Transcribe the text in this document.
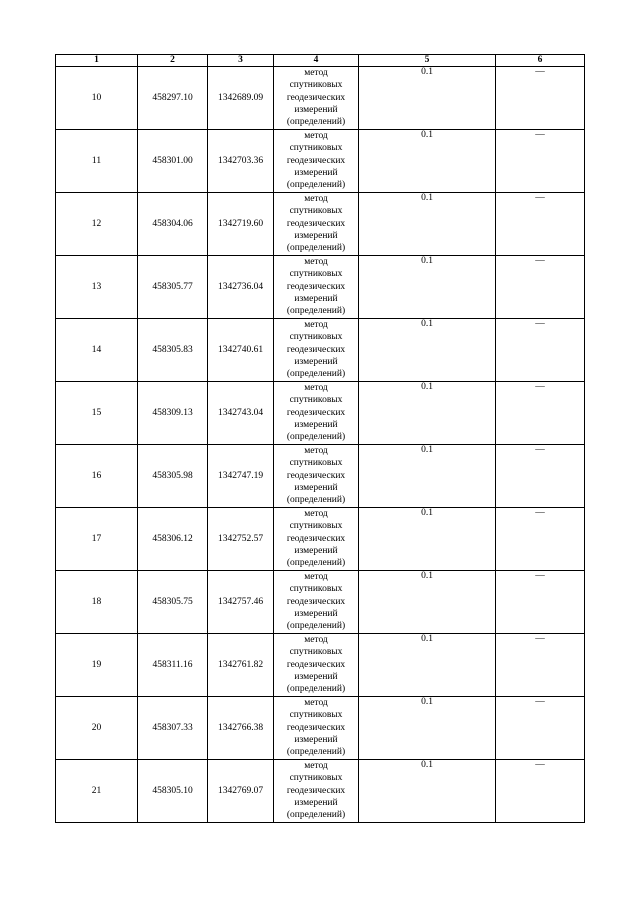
1	2	3	4	5	6
10	458297.10	1342689.09	метод
спутниковых
геодезических
измерений
(определений)	0.1	—
11	458301.00	1342703.36	метод
спутниковых
геодезических
измерений
(определений)	0.1	—
12	458304.06	1342719.60	метод
спутниковых
геодезических
измерений
(определений)	0.1	—
13	458305.77	1342736.04	метод
спутниковых
геодезических
измерений
(определений)	0.1	—
14	458305.83	1342740.61	метод
спутниковых
геодезических
измерений
(определений)	0.1	—
15	458309.13	1342743.04	метод
спутниковых
геодезических
измерений
(определений)	0.1	—
16	458305.98	1342747.19	метод
спутниковых
геодезических
измерений
(определений)	0.1	—
17	458306.12	1342752.57	метод
спутниковых
геодезических
измерений
(определений)	0.1	—
18	458305.75	1342757.46	метод
спутниковых
геодезических
измерений
(определений)	0.1	—
19	458311.16	1342761.82	метод
спутниковых
геодезических
измерений
(определений)	0.1	—
20	458307.33	1342766.38	метод
спутниковых
геодезических
измерений
(определений)	0.1	—
21	458305.10	1342769.07	метод
спутниковых
геодезических
измерений
(определений)	0.1	—
